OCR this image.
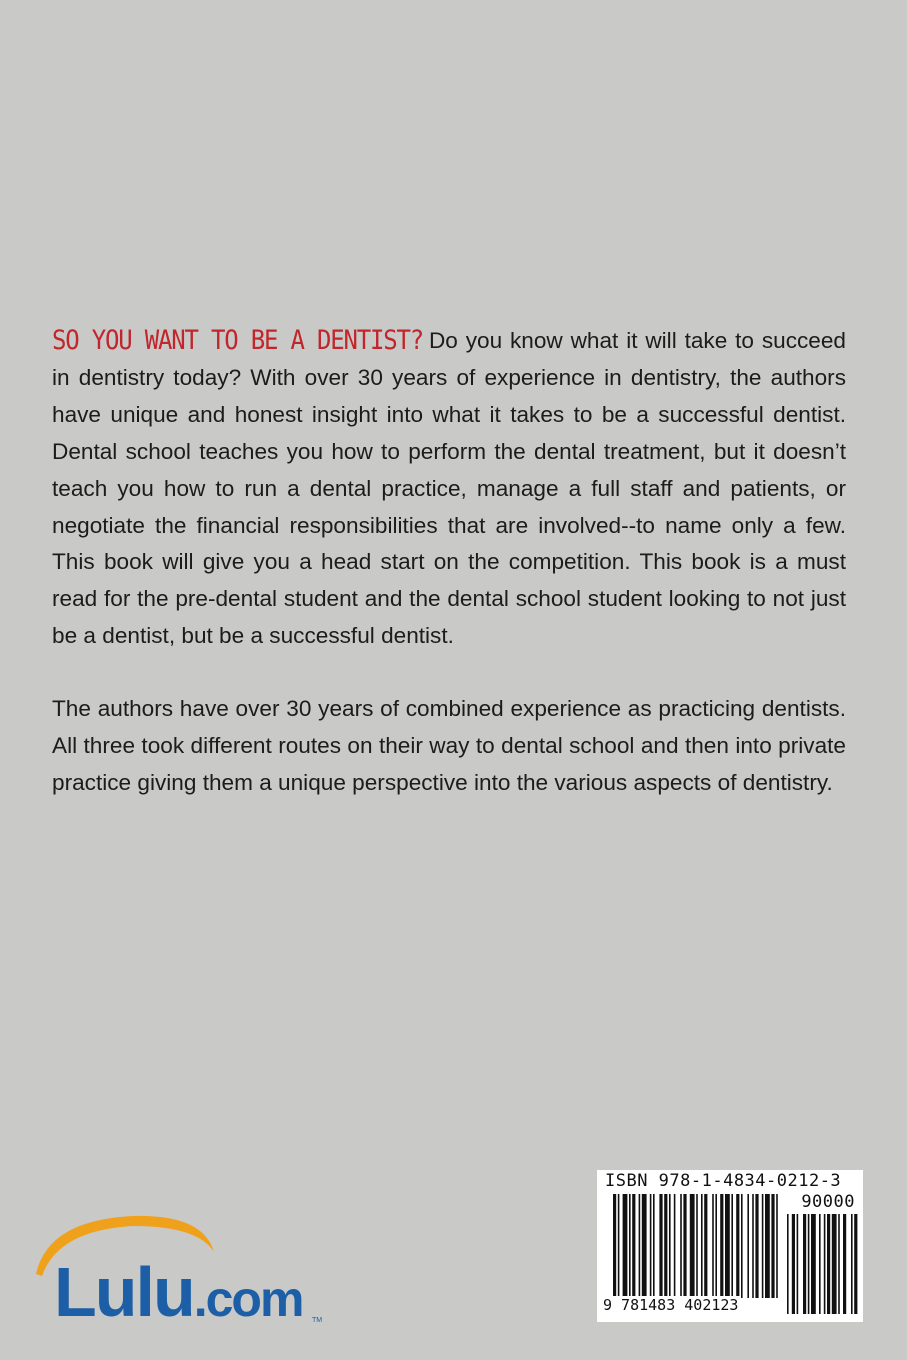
SO YOU WANT TO BE A DENTIST? Do you know what it will take to succeed in dentistry today? With over 30 years of experience in dentistry, the authors have unique and honest insight into what it takes to be a successful dentist. Dental school teaches you how to perform the dental treatment, but it doesn’t teach you how to run a dental practice, manage a full staff and patients, or negotiate the financial responsibilities that are involved--to name only a few. This book will give you a head start on the competition. This book is a must read for the pre-dental student and the dental school student looking to not just be a dentist, but be a successful dentist.

The authors have over 30 years of combined experience as practicing dentists. All three took different routes on their way to dental school and then into private practice giving them a unique perspective into the various aspects of dentistry.

Lulu.com TM
ISBN 978-1-4834-0212-3
90000
9 781483 402123
